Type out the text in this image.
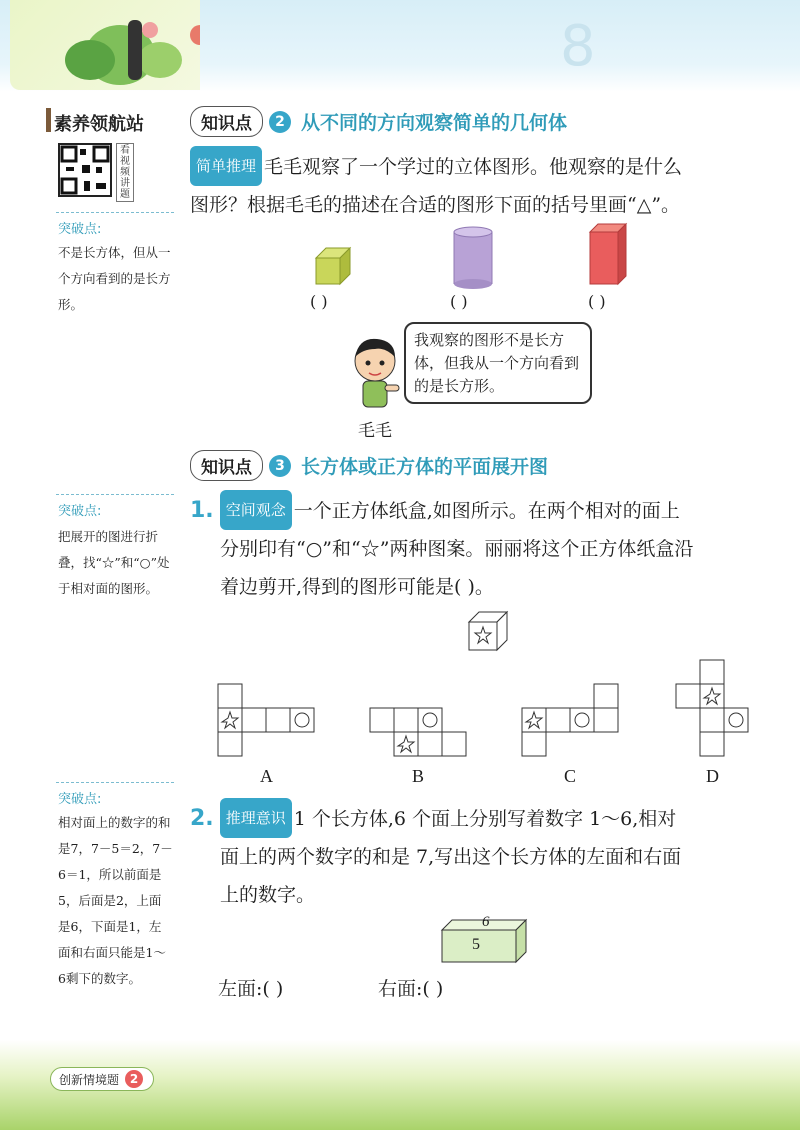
8
素养领航站
看视频讲题
突破点:
不是长方体，但从一个方向看到的是长方形。
突破点:
把展开的图进行折叠，找“☆”和“○”处于相对面的图形。
突破点:
相对面上的数字的和是7，7－5＝2，7－6＝1，所以前面是5，后面是2，上面是6，下面是1，左面和右面只能是1～6剩下的数字。
知识点	2 从不同的方向观察简单的几何体
简单推理 毛毛观察了一个学过的立体图形。他观察的是什么
图形？根据毛毛的描述在合适的图形下面的括号里画“△”。
( )	( )	( )
我观察的图形不是长方体，但我从一个方向看到的是长方形。
毛毛
知识点	3 长方体或正方体的平面展开图
1. 空间观念 一个正方体纸盒,如图所示。在两个相对的面上
分别印有“○”和“☆”两种图案。丽丽将这个正方体纸盒沿
着边剪开,得到的图形可能是( )。
A	B	C	D
2. 推理意识 1 个长方体,6 个面上分别写着数字 1～6,相对
面上的两个数字的和是 7,写出这个长方体的左面和右面
上的数字。
6
5
左面:( )	右面:( )
创新情境题 2
